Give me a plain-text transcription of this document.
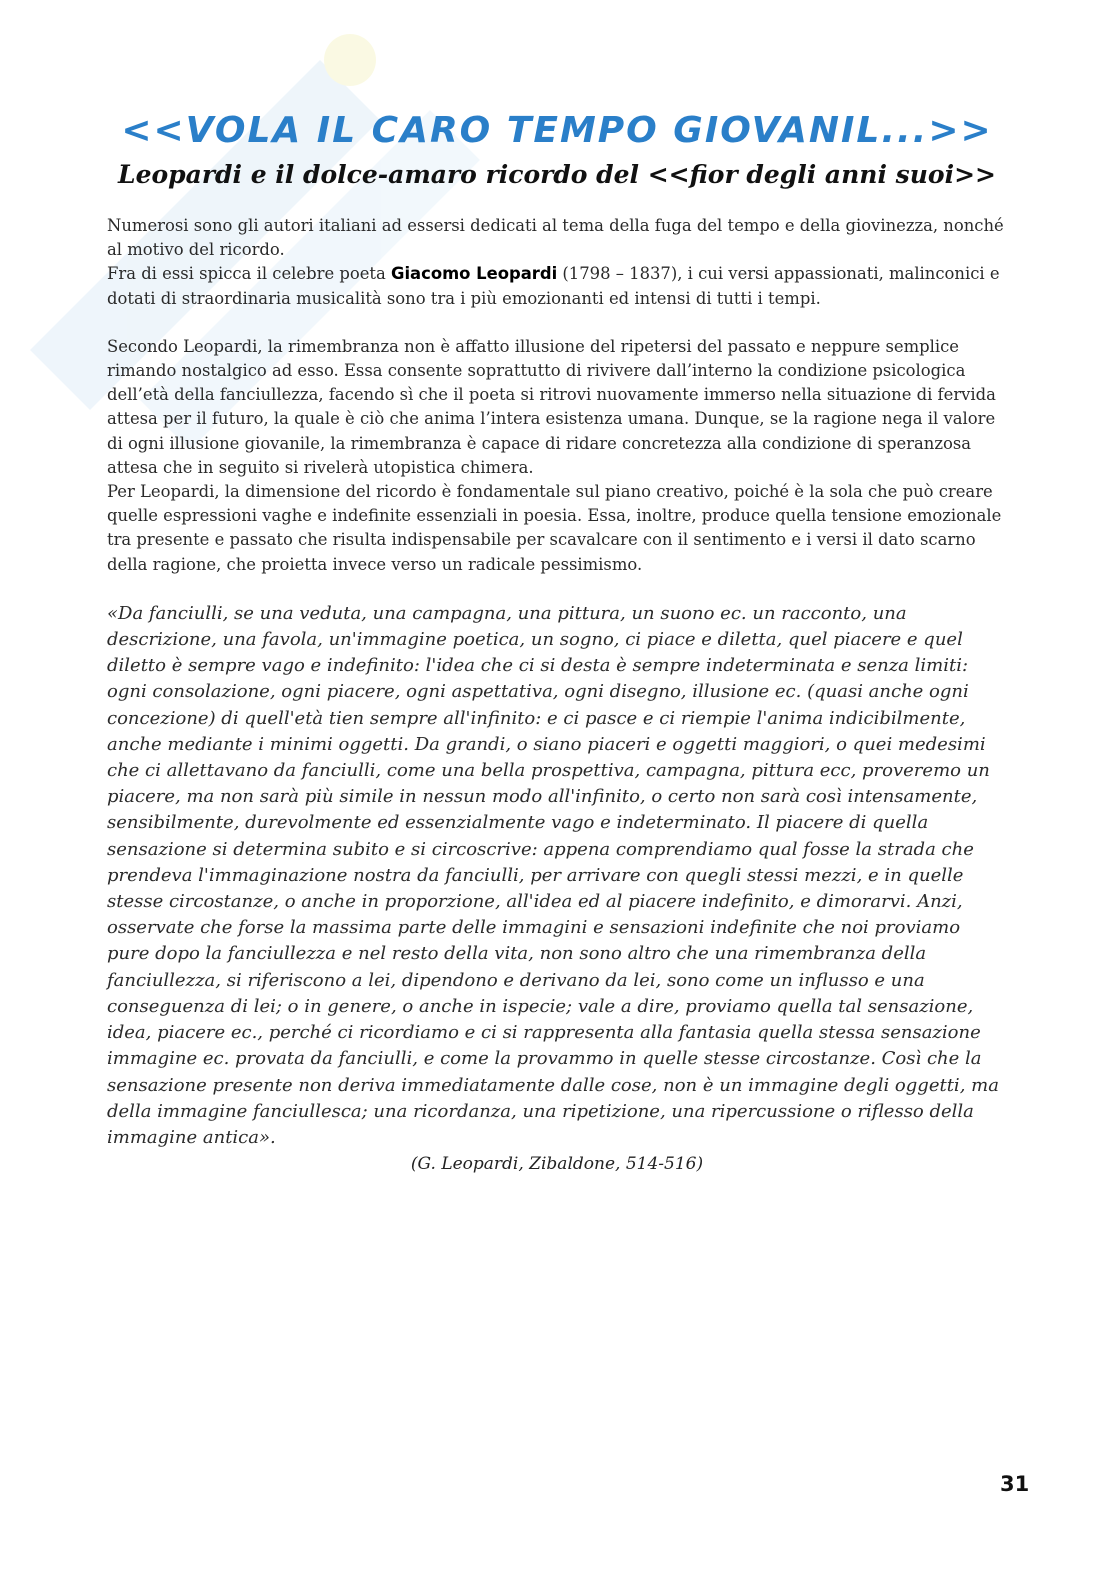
<<VOLA IL CARO TEMPO GIOVANIL...>>
Leopardi e il dolce-amaro ricordo del <<fior degli anni suoi>>

Numerosi sono gli autori italiani ad essersi dedicati al tema della fuga del tempo e della giovinezza, nonché al motivo del ricordo.

Fra di essi spicca il celebre poeta Giacomo Leopardi (1798 – 1837), i cui versi appassionati, malinconici e dotati di straordinaria musicalità sono tra i più emozionanti ed intensi di tutti i tempi.

Secondo Leopardi, la rimembranza non è affatto illusione del ripetersi del passato e neppure semplice rimando nostalgico ad esso. Essa consente soprattutto di rivivere dall’interno la condizione psicologica dell’età della fanciullezza, facendo sì che il poeta si ritrovi nuovamente immerso nella situazione di fervida attesa per il futuro, la quale è ciò che anima l’intera esistenza umana. Dunque, se la ragione nega il valore di ogni illusione giovanile, la rimembranza è capace di ridare concretezza alla condizione di speranzosa attesa che in seguito si rivelerà utopistica chimera.

Per Leopardi, la dimensione del ricordo è fondamentale sul piano creativo, poiché è la sola che può creare quelle espressioni vaghe e indefinite essenziali in poesia. Essa, inoltre, produce quella tensione emozionale tra presente e passato che risulta indispensabile per scavalcare con il sentimento e i versi il dato scarno della ragione, che proietta invece verso un radicale pessimismo.

«Da fanciulli, se una veduta, una campagna, una pittura, un suono ec. un racconto, una descrizione, una favola, un'immagine poetica, un sogno, ci piace e diletta, quel piacere e quel diletto è sempre vago e indefinito: l'idea che ci si desta è sempre indeterminata e senza limiti: ogni consolazione, ogni piacere, ogni aspettativa, ogni disegno, illusione ec. (quasi anche ogni concezione) di quell'età tien sempre all'infinito: e ci pasce e ci riempie l'anima indicibilmente, anche mediante i minimi oggetti. Da grandi, o siano piaceri e oggetti maggiori, o quei medesimi che ci allettavano da fanciulli, come una bella prospettiva, campagna, pittura ecc, proveremo un piacere, ma non sarà più simile in nessun modo all'infinito, o certo non sarà così intensamente, sensibilmente, durevolmente ed essenzialmente vago e indeterminato. Il piacere di quella sensazione si determina subito e si circoscrive: appena comprendiamo qual fosse la strada che prendeva l'immaginazione nostra da fanciulli, per arrivare con quegli stessi mezzi, e in quelle stesse circostanze, o anche in proporzione, all'idea ed al piacere indefinito, e dimorarvi. Anzi, osservate che forse la massima parte delle immagini e sensazioni indefinite che noi proviamo pure dopo la fanciullezza e nel resto della vita, non sono altro che una rimembranza della fanciullezza, si riferiscono a lei, dipendono e derivano da lei, sono come un influsso e una conseguenza di lei; o in genere, o anche in ispecie; vale a dire, proviamo quella tal sensazione, idea, piacere ec., perché ci ricordiamo e ci si rappresenta alla fantasia quella stessa sensazione immagine ec. provata da fanciulli, e come la provammo in quelle stesse circostanze. Così che la sensazione presente non deriva immediatamente dalle cose, non è un immagine degli oggetti, ma della immagine fanciullesca; una ricordanza, una ripetizione, una ripercussione o riflesso della immagine antica».
(G. Leopardi, Zibaldone, 514-516)
31
